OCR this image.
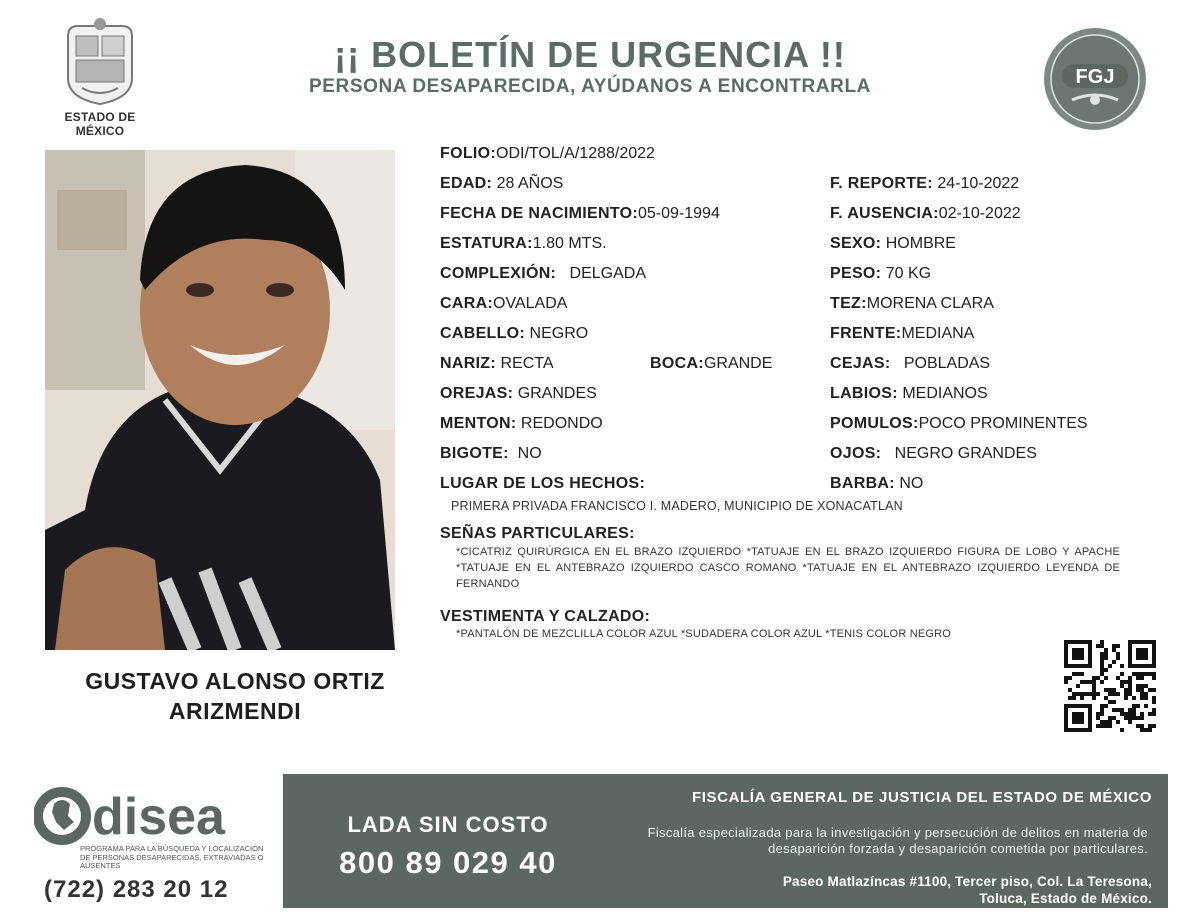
ESTADO DE MÉXICO
¡¡ BOLETÍN DE URGENCIA !!
PERSONA DESAPARECIDA, AYÚDANOS A ENCONTRARLA	FGJ
GUSTAVO ALONSO ORTIZ
ARIZMENDI
FOLIO:ODI/TOL/A/1288/2022
EDAD: 28 AÑOS
FECHA DE NACIMIENTO:05-09-1994
ESTATURA:1.80 MTS.
COMPLEXIÓN: DELGADA
CARA:OVALADA
CABELLO: NEGRO
NARIZ: RECTA	BOCA:GRANDE
OREJAS: GRANDES
MENTON: REDONDO
BIGOTE: NO
LUGAR DE LOS HECHOS:
PRIMERA PRIVADA FRANCISCO I. MADERO, MUNICIPIO DE XONACATLAN
F. REPORTE: 24-10-2022
F. AUSENCIA:02-10-2022
SEXO: HOMBRE
PESO: 70 KG
TEZ:MORENA CLARA
FRENTE:MEDIANA
CEJAS: POBLADAS
LABIOS: MEDIANOS
POMULOS:POCO PROMINENTES
OJOS: NEGRO GRANDES
BARBA: NO
SEÑAS PARTICULARES:
*CICATRIZ QUIRÚRGICA EN EL BRAZO IZQUIERDO *TATUAJE EN EL BRAZO IZQUIERDO FIGURA DE LOBO Y APACHE *TATUAJE EN EL ANTEBRAZO IZQUIERDO CASCO ROMANO *TATUAJE EN EL ANTEBRAZO IZQUIERDO LEYENDA DE FERNANDO
VESTIMENTA Y CALZADO:
*PANTALÓN DE MEZCLILLA COLOR AZUL *SUDADERA COLOR AZUL *TENIS COLOR NEGRO
disea
PROGRAMA PARA LA BÚSQUEDA Y LOCALIZACIÓN DE PERSONAS DESAPARECIDAS, EXTRAVIADAS O AUSENTES
(722) 283 20 12
LADA SIN COSTO
800 89 029 40
FISCALÍA GENERAL DE JUSTICIA DEL ESTADO DE MÉXICO
Fiscalía especializada para la investigación y persecución de delitos en materia de desaparición forzada y desaparición cometida por particulares.
Paseo Matlazíncas #1100, Tercer piso, Col. La Teresona,
Toluca, Estado de México.
